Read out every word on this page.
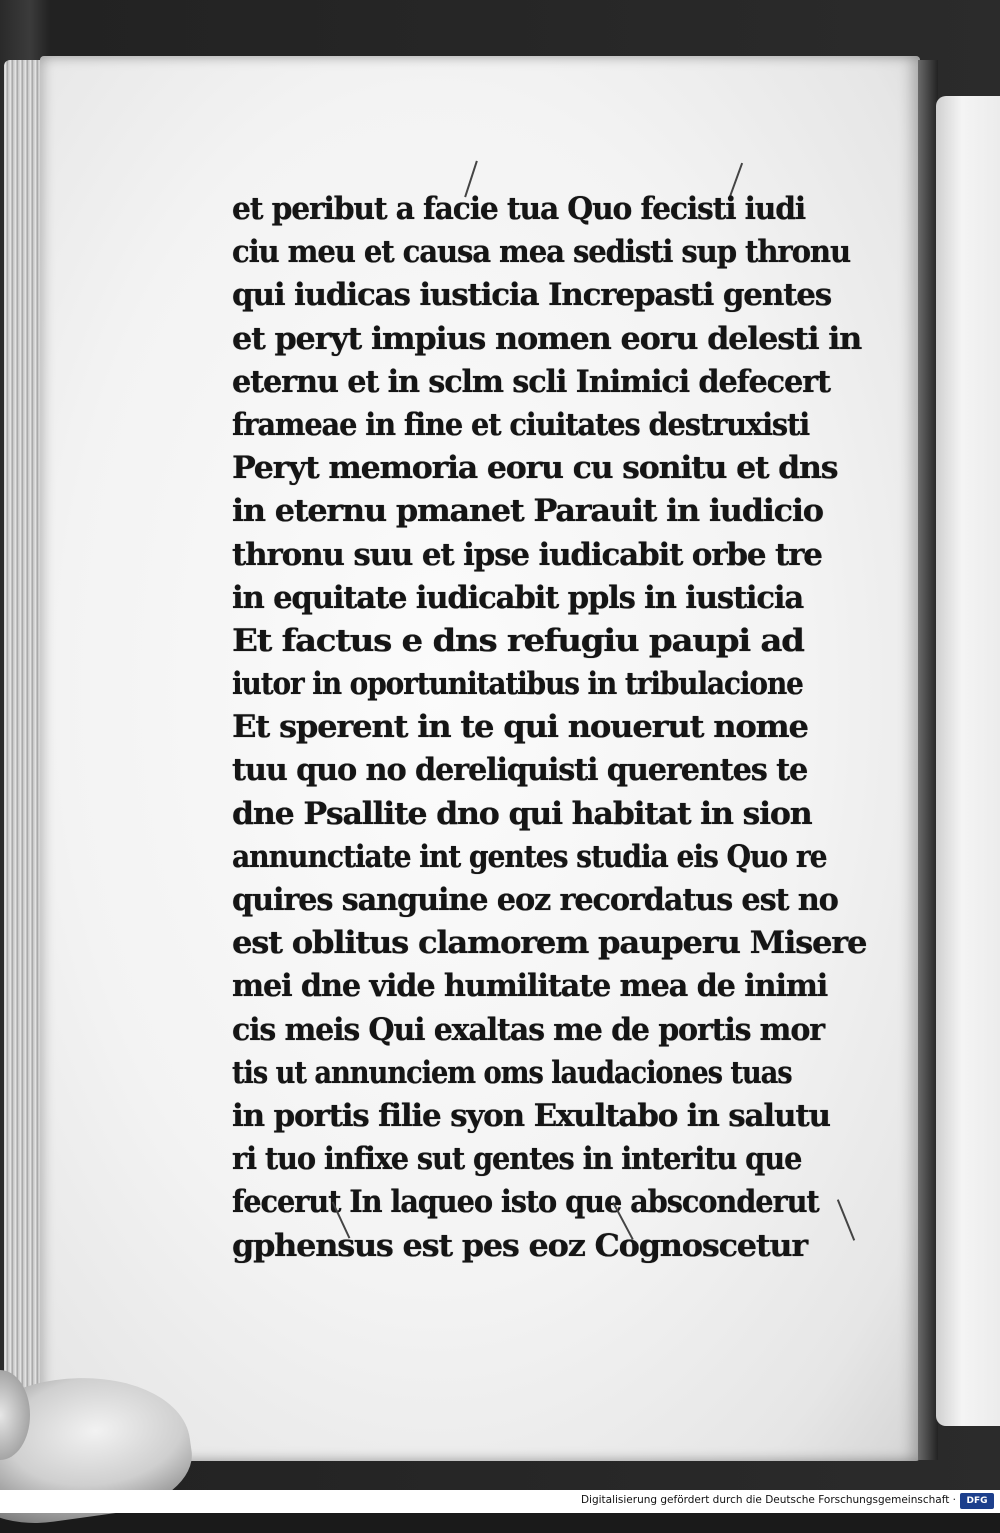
et peribut a facie tua Quo fecisti iudi
ciu meu et causa mea sedisti sup thronu
qui iudicas iusticia Increpasti gentes
et peryt impius nomen eoru delesti in
eternu et in sclm scli Inimici defecert
frameae in fine et ciuitates destruxisti
Peryt memoria eoru cu sonitu et dns
in eternu pmanet Parauit in iudicio
thronu suu et ipse iudicabit orbe tre
in equitate iudicabit ppls in iusticia
Et factus e dns refugiu paupi ad
iutor in oportunitatibus in tribulacione
Et sperent in te qui nouerut nome
tuu quo no dereliquisti querentes te
dne Psallite dno qui habitat in sion
annunctiate int gentes studia eis Quo re
quires sanguine eoz recordatus est no
est oblitus clamorem pauperu Misere
mei dne vide humilitate mea de inimi
cis meis Qui exaltas me de portis mor
tis ut annunciem oms laudaciones tuas
in portis filie syon Exultabo in salutu
ri tuo infixe sut gentes in interitu que
fecerut In laqueo isto que absconderut
gphensus est pes eoz Cognoscetur
Digitalisierung gefördert durch die Deutsche Forschungsgemeinschaft ·	DFG
